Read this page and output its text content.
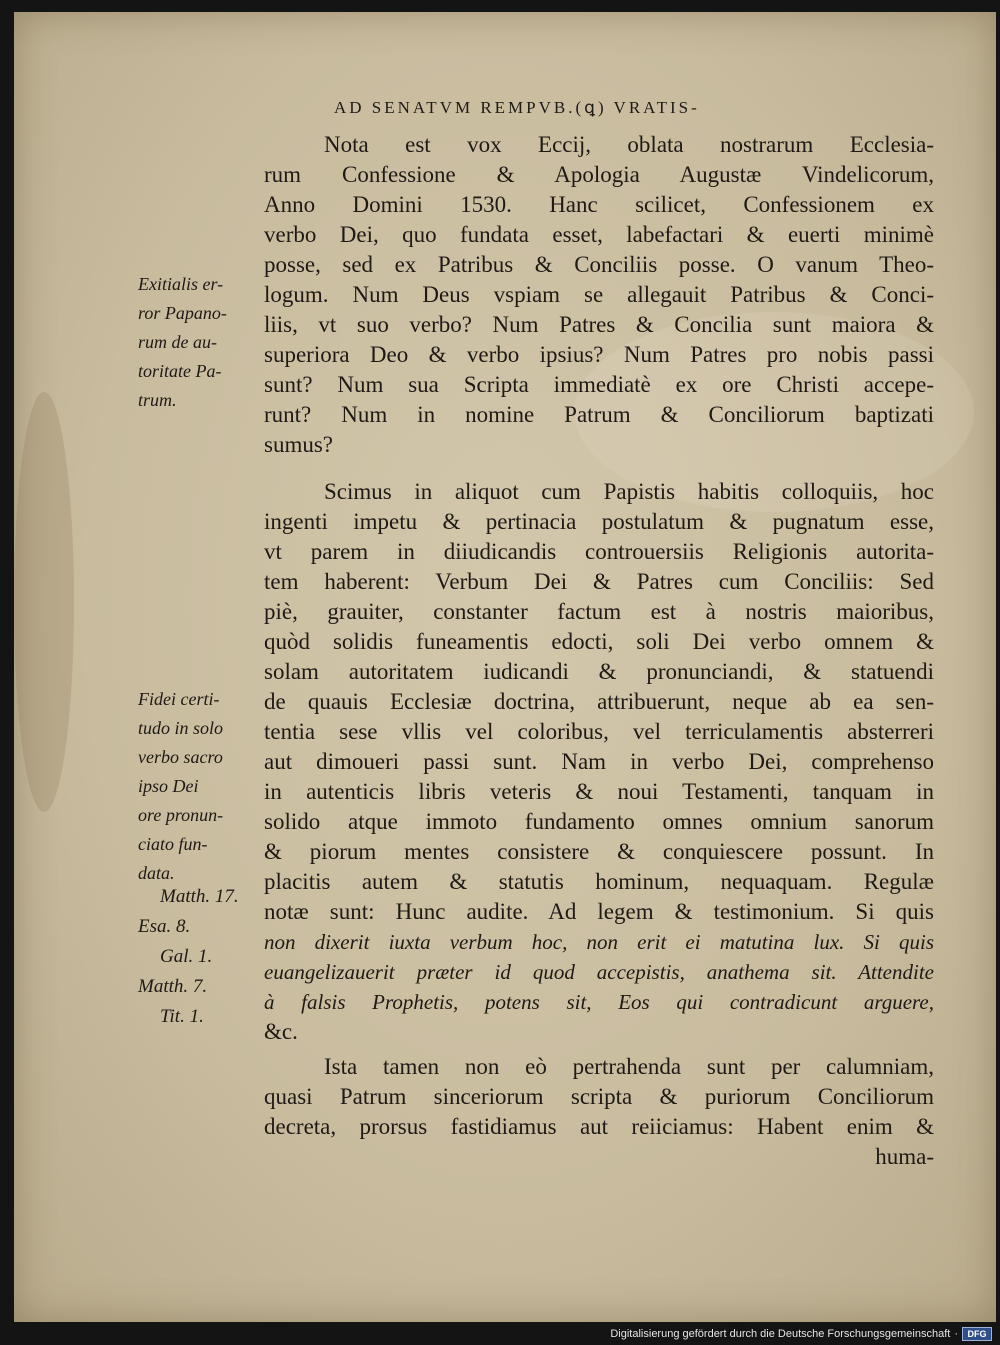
AD SENATVM REMPVB.(ꝗ) VRATIS-
Nota est vox Eccij, oblata nostrarum Ecclesia-
rum Confessione & Apologia Augustæ Vindelicorum,
Anno Domini 1530. Hanc scilicet, Confessionem ex
verbo Dei, quo fundata esset, labefactari & euerti minimè
posse, sed ex Patribus & Conciliis posse. O vanum Theo-
logum. Num Deus vspiam se allegauit Patribus & Conci-
liis, vt suo verbo? Num Patres & Concilia sunt maiora &
superiora Deo & verbo ipsius? Num Patres pro nobis passi
sunt? Num sua Scripta immediatè ex ore Christi accepe-
runt? Num in nomine Patrum & Conciliorum baptizati
sumus?
Scimus in aliquot cum Papistis habitis colloquiis, hoc
ingenti impetu & pertinacia postulatum & pugnatum esse,
vt parem in diiudicandis controuersiis Religionis autorita-
tem haberent: Verbum Dei & Patres cum Conciliis: Sed
piè, grauiter, constanter factum est à nostris maioribus,
quòd solidis funeamentis edocti, soli Dei verbo omnem &
solam autoritatem iudicandi & pronunciandi, & statuendi
de quauis Ecclesiæ doctrina, attribuerunt, neque ab ea sen-
tentia sese vllis vel coloribus, vel terriculamentis absterreri
aut dimoueri passi sunt. Nam in verbo Dei, comprehenso
in autenticis libris veteris & noui Testamenti, tanquam in
solido atque immoto fundamento omnes omnium sanorum
& piorum mentes consistere & conquiescere possunt. In
placitis autem & statutis hominum, nequaquam. Regulæ
notæ sunt: Hunc audite. Ad legem & testimonium. Si quis
non dixerit iuxta verbum hoc, non erit ei matutina lux. Si quis
euangelizauerit præter id quod accepistis, anathema sit. Attendite
à falsis Prophetis, potens sit, Eos qui contradicunt arguere,
&c.
Ista tamen non eò pertrahenda sunt per calumniam,
quasi Patrum sinceriorum scripta & puriorum Conciliorum
decreta, prorsus fastidiamus aut reiiciamus: Habent enim &
huma-
Exitialis er-
ror Papano-
rum de au-
toritate Pa-
trum.
Fidei certi-
tudo in solo
verbo sacro
ipso Dei
ore pronun-
ciato fun-
data.
Matth. 17.
Esa. 8.
Gal. 1.
Matth. 7.
Tit. 1.
Digitalisierung gefördert durch die Deutsche Forschungsgemeinschaft ·	DFG
